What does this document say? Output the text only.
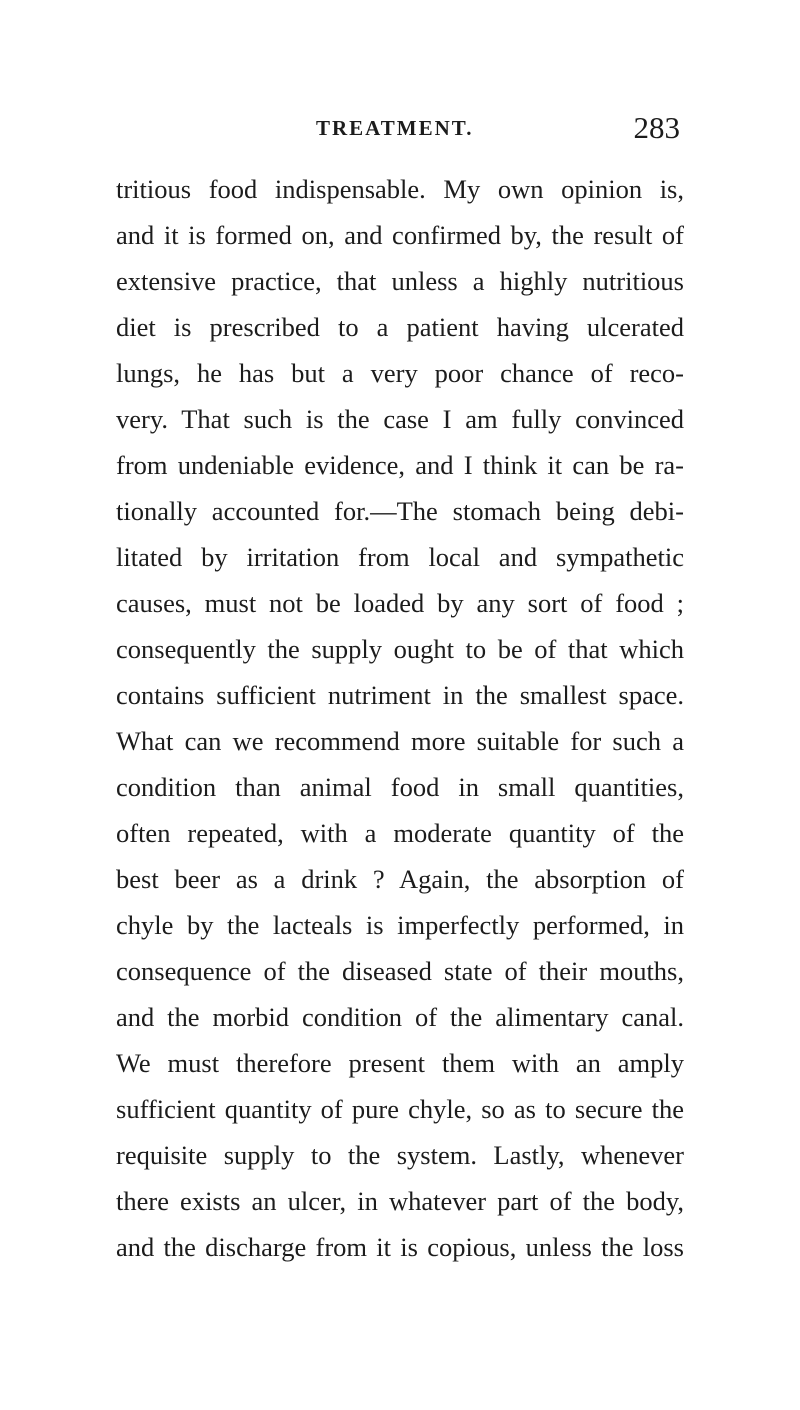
TREATMENT.	283
tritious food indispensable. My own opinion is,
and it is formed on, and confirmed by, the result of
extensive practice, that unless a highly nutritious
diet is prescribed to a patient having ulcerated
lungs, he has but a very poor chance of reco-
very. That such is the case I am fully convinced
from undeniable evidence, and I think it can be ra-
tionally accounted for.—The stomach being debi-
litated by irritation from local and sympathetic
causes, must not be loaded by any sort of food ;
consequently the supply ought to be of that which
contains sufficient nutriment in the smallest space.
What can we recommend more suitable for such a
condition than animal food in small quantities,
often repeated, with a moderate quantity of the
best beer as a drink ? Again, the absorption of
chyle by the lacteals is imperfectly performed, in
consequence of the diseased state of their mouths,
and the morbid condition of the alimentary canal.
We must therefore present them with an amply
sufficient quantity of pure chyle, so as to secure the
requisite supply to the system. Lastly, whenever
there exists an ulcer, in whatever part of the body,
and the discharge from it is copious, unless the loss
